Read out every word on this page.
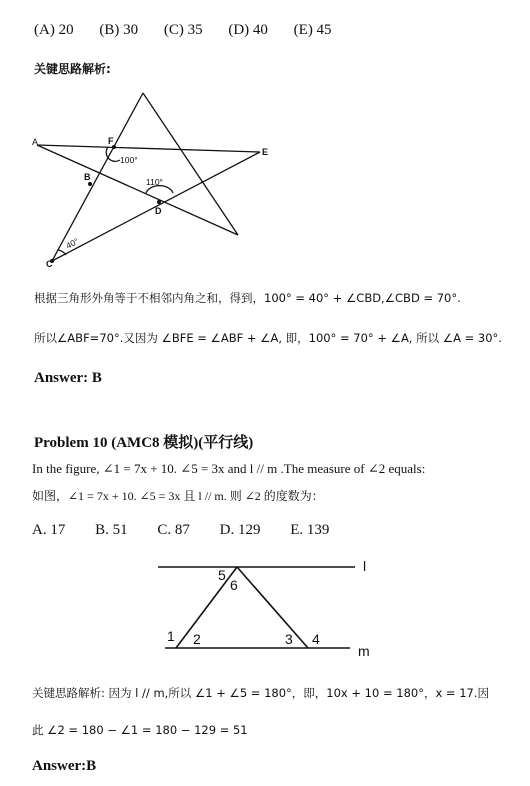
(A) 20 (B) 30 (C) 35 (D) 40 (E) 45
关键思路解析:
A	F
B
E
D
C
100°
110°
40°
根据三角形外角等于不相邻内角之和，得到，100° = 40° + ∠CBD,∠CBD = 70°.
所以∠ABF=70°.又因为 ∠BFE = ∠ABF + ∠A, 即，100° = 70° + ∠A, 所以 ∠A = 30°.
Answer: B
Problem 10 (AMC8 模拟)(平行线)
In the figure, ∠1 = 7x + 10. ∠5 = 3x and l // m .The measure of ∠2 equals:
如图，∠1 = 7x + 10. ∠5 = 3x 且 l // m. 则 ∠2 的度数为：
A. 17 B. 51 C. 87 D. 129 E. 139
l
m
5
6
1 2	3 4
关键思路解析: 因为 l // m,所以 ∠1 + ∠5 = 180°，即，10x + 10 = 180°，x = 17.因
此 ∠2 = 180 − ∠1 = 180 − 129 = 51
Answer:B
